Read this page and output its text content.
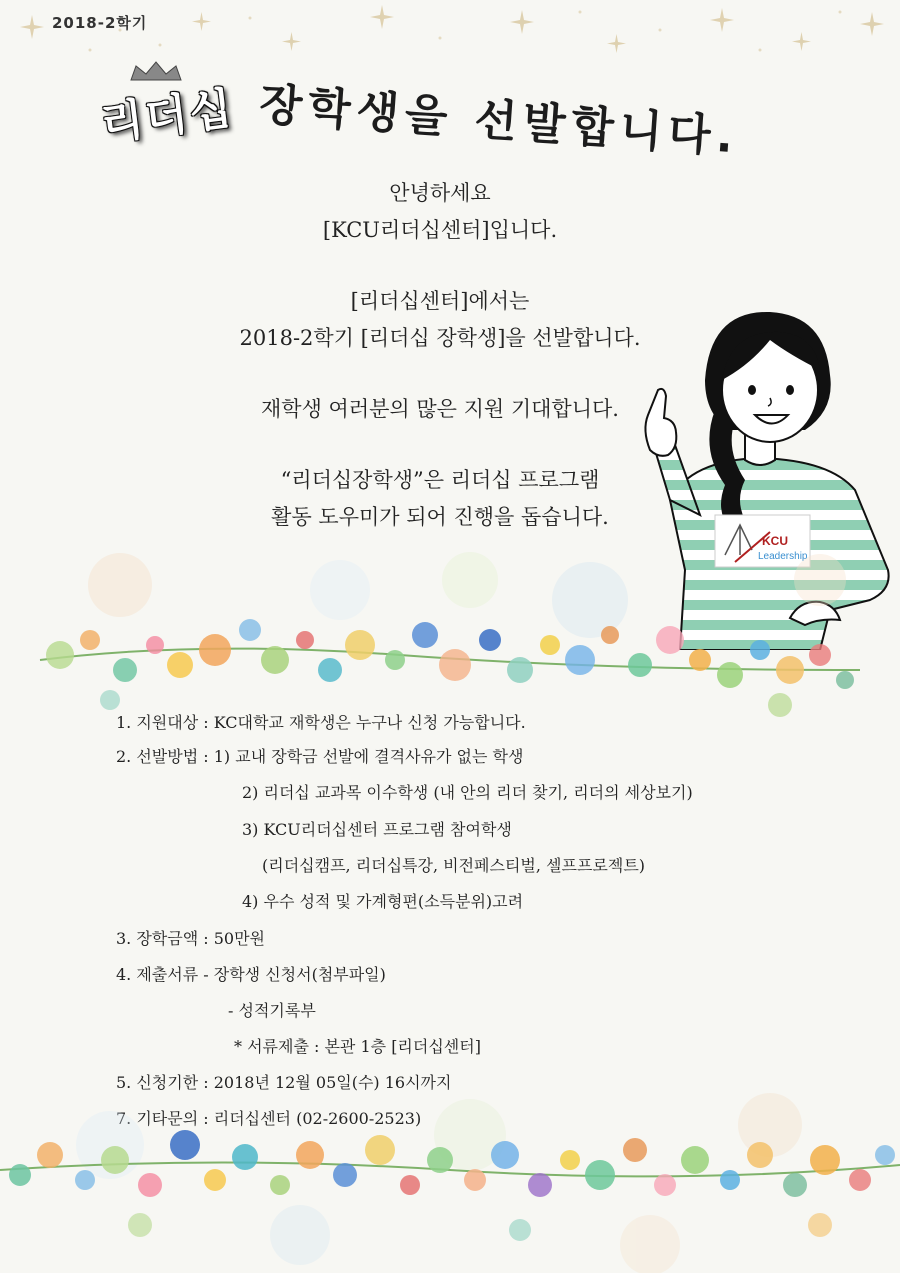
2018-2학기
리더십 장학생을 선발합니다.

안녕하세요

[KCU리더십센터]입니다.

[리더십센터]에서는

2018-2학기 [리더십 장학생]을 선발합니다.

재학생 여러분의 많은 지원 기대합니다.

“리더십장학생”은 리더십 프로그램

활동 도우미가 되어 진행을 돕습니다.

KCU
Leadership
1. 지원대상 : KC대학교 재학생은 누구나 신청 가능합니다.
2. 선발방법 : 1) 교내 장학금 선발에 결격사유가 없는 학생
2) 리더십 교과목 이수학생 (내 안의 리더 찾기, 리더의 세상보기)
3) KCU리더십센터 프로그램 참여학생
(리더십캠프, 리더십특강, 비전페스티벌, 셀프프로젝트)
4) 우수 성적 및 가계형편(소득분위)고려
3. 장학금액 : 50만원
4. 제출서류 - 장학생 신청서(첨부파일)
- 성적기록부
* 서류제출 : 본관 1층 [리더십센터]
5. 신청기한 : 2018년 12월 05일(수) 16시까지
7. 기타문의 : 리더십센터 (02-2600-2523)
